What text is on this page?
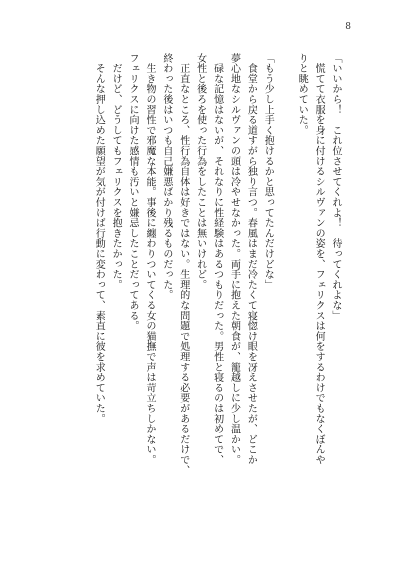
8
「いいから！　これ位させてくれよ！　待ってくれよな」
　慌てて衣服を身に付けるシルヴァンの姿を、フェリクスは何をするわけでもなくぼんや
りと眺めていた。
「もう少し上手く抱けるかと思ってたんだけどな」
　食堂から戻る道すがら独り言つ。春風はまだ冷たくて寝惚け眼を冴えさせたが、どこか
夢心地なシルヴァンの頭は冷やせなかった。両手に抱えた朝食が、籠越しに少し温かい。
　碌な記憶はないが、それなりに性経験はあるつもりだった。男性と寝るのは初めてで、
女性と後ろを使った行為をしたことは無いけれど。
　正直なところ、性行為自体は好きではない。生理的な問題で処理する必要があるだけで、
終わった後はいつも自己嫌悪ばかり残るものだった。
　生き物の習性で邪魔な本能。事後に纏わりついてくる女の猫撫で声は苛立ちしかない。
フェリクスに向けた感情も汚いと嫌忌したことだってある。
　だけど、どうしてもフェリクスを抱きたかった。
　そんな押し込めた願望が気が付けば行動に変わって、素直に彼を求めていた。
